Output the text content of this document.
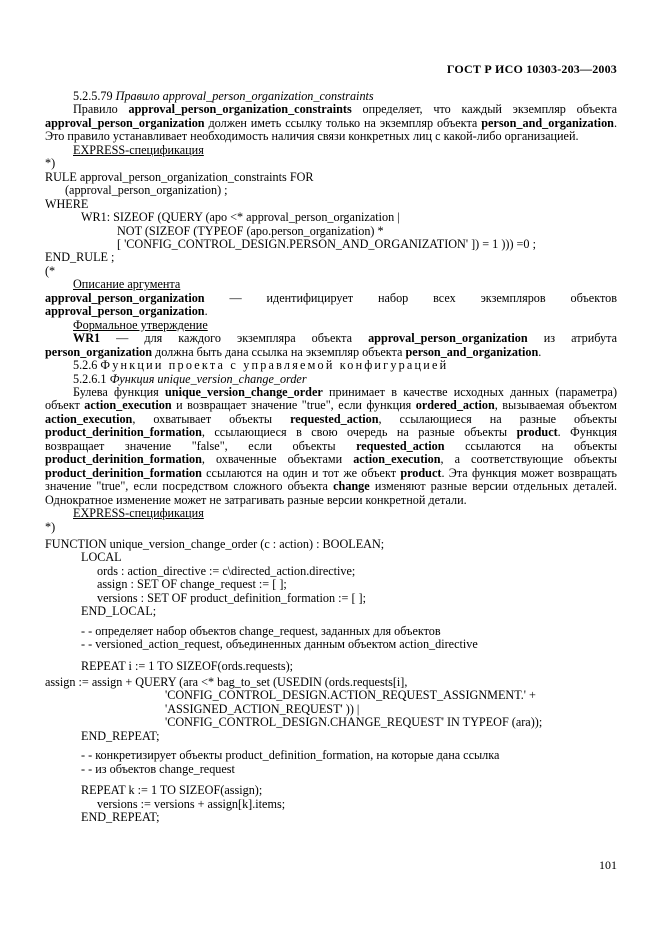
ГОСТ Р ИСО 10303-203—2003
5.2.5.79 Правило approval_person_organization_constraints
Правило approval_person_organization_constraints определяет, что каждый экземпляр объекта approval_person_organization должен иметь ссылку только на экземпляр объекта person_and_organization. Это правило устанавливает необходимость наличия связи конкретных лиц с какой-либо организацией.
EXPRESS-спецификация
*)
RULE approval_person_organization_constraints FOR
(approval_person_organization) ;
WHERE
WR1: SIZEOF (QUERY (apo <* approval_person_organization |
NOT (SIZEOF (TYPEOF (apo.person_organization) *
[ 'CONFIG_CONTROL_DESIGN.PERSON_AND_ORGANIZATION' ]) = 1 ))) =0 ;
END_RULE ;
(*
Описание аргумента
approval_person_organization — идентифицирует набор всех экземпляров объектов approval_person_organization.
Формальное утверждение
WR1 — для каждого экземпляра объекта approval_person_organization из атрибута person_organization должна быть дана ссылка на экземпляр объекта person_and_organization.
5.2.6 Функции проекта с управляемой конфигурацией
5.2.6.1 Функция unique_version_change_order
Булева функция unique_version_change_order принимает в качестве исходных данных (параметра) объект action_execution и возвращает значение "true", если функция ordered_action, вызываемая объектом action_execution, охватывает объекты requested_action, ссылающиеся на разные объекты product_derinition_formation, ссылающиеся в свою очередь на разные объекты product. Функция возвращает значение "false", если объекты requested_action ссылаются на объекты product_derinition_formation, охваченные объектами action_execution, а соответствующие объекты product_derinition_formation ссылаются на один и тот же объект product. Эта функция может возвращать значение "true", если посредством сложного объекта change изменяют разные версии отдельных деталей. Однократное изменение может не затрагивать разные версии конкретной детали.
EXPRESS-спецификация
*)
FUNCTION unique_version_change_order (c : action) : BOOLEAN;
LOCAL
ords : action_directive := c\directed_action.directive;
assign : SET OF change_request := [ ];
versions : SET OF product_definition_formation := [ ];
END_LOCAL;
- - определяет набор объектов change_request, заданных для объектов
- - versioned_action_request, объединенных данным объектом action_directive
REPEAT i := 1 TO SIZEOF(ords.requests);
assign := assign + QUERY (ara <* bag_to_set (USEDIN (ords.requests[i],
'CONFIG_CONTROL_DESIGN.ACTION_REQUEST_ASSIGNMENT.' +
'ASSIGNED_ACTION_REQUEST' )) |
'CONFIG_CONTROL_DESIGN.CHANGE_REQUEST' IN TYPEOF (ara));
END_REPEAT;
- - конкретизирует объекты product_definition_formation, на которые дана ссылка
- - из объектов change_request
REPEAT k := 1 TO SIZEOF(assign);
versions := versions + assign[k].items;
END_REPEAT;
101
